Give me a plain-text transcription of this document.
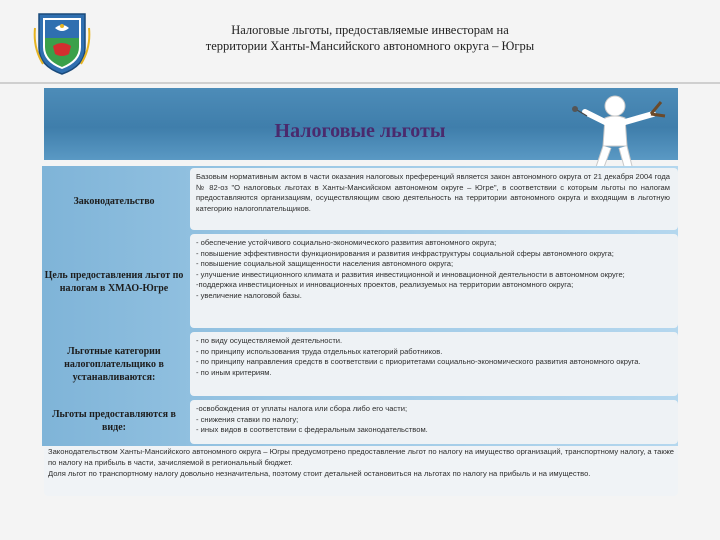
Налоговые льготы, предоставляемые инвесторам на
территории Ханты-Мансийского автономного округа – Югры
Налоговые льготы
Законодательство
Базовым нормативным актом в части оказания налоговых преференций является закон автономного округа от 21 декабря 2004 года № 82-оз "О налоговых льготах в Ханты-Мансийском автономном округе – Югре", в соответствии с которым льготы по налогам предоставляются организациям, осуществляющим свою деятельность на территории автономного округа и входящим в льготную категорию налогоплательщиков.
Цель предоставления льгот по налогам в ХМАО-Югре
- обеспечение устойчивого социально-экономического развития автономного округа;
- повышение эффективности функционирования и развития инфраструктуры социальной сферы автономного округа;
- повышение социальной защищенности населения автономного округа;
- улучшение инвестиционного климата и развития инвестиционной и инновационной деятельности в автономном округе;
-поддержка инвестиционных и инновационных проектов, реализуемых на территории автономного округа;
- увеличение налоговой базы.
Льготные категории налогоплательщико в устанавливаются:
- по виду осуществляемой деятельности.
- по принципу использования труда отдельных категорий работников.
- по принципу направления средств в соответствии с приоритетами социально-экономического развития автономного округа.
- по иным критериям.
Льготы предоставляются в виде:
-освобождения от уплаты налога или сбора либо его части;
- снижения ставки по налогу;
- иных видов в соответствии с федеральным законодательством.
Законодательством Ханты-Мансийского автономного округа – Югры предусмотрено предоставление льгот по налогу на имущество организаций, транспортному налогу, а также по налогу на прибыль в части, зачисляемой в региональный бюджет.
Доля льгот по транспортному налогу довольно незначительна, поэтому стоит детальней остановиться на льготах по налогу на прибыль и на имущество.
